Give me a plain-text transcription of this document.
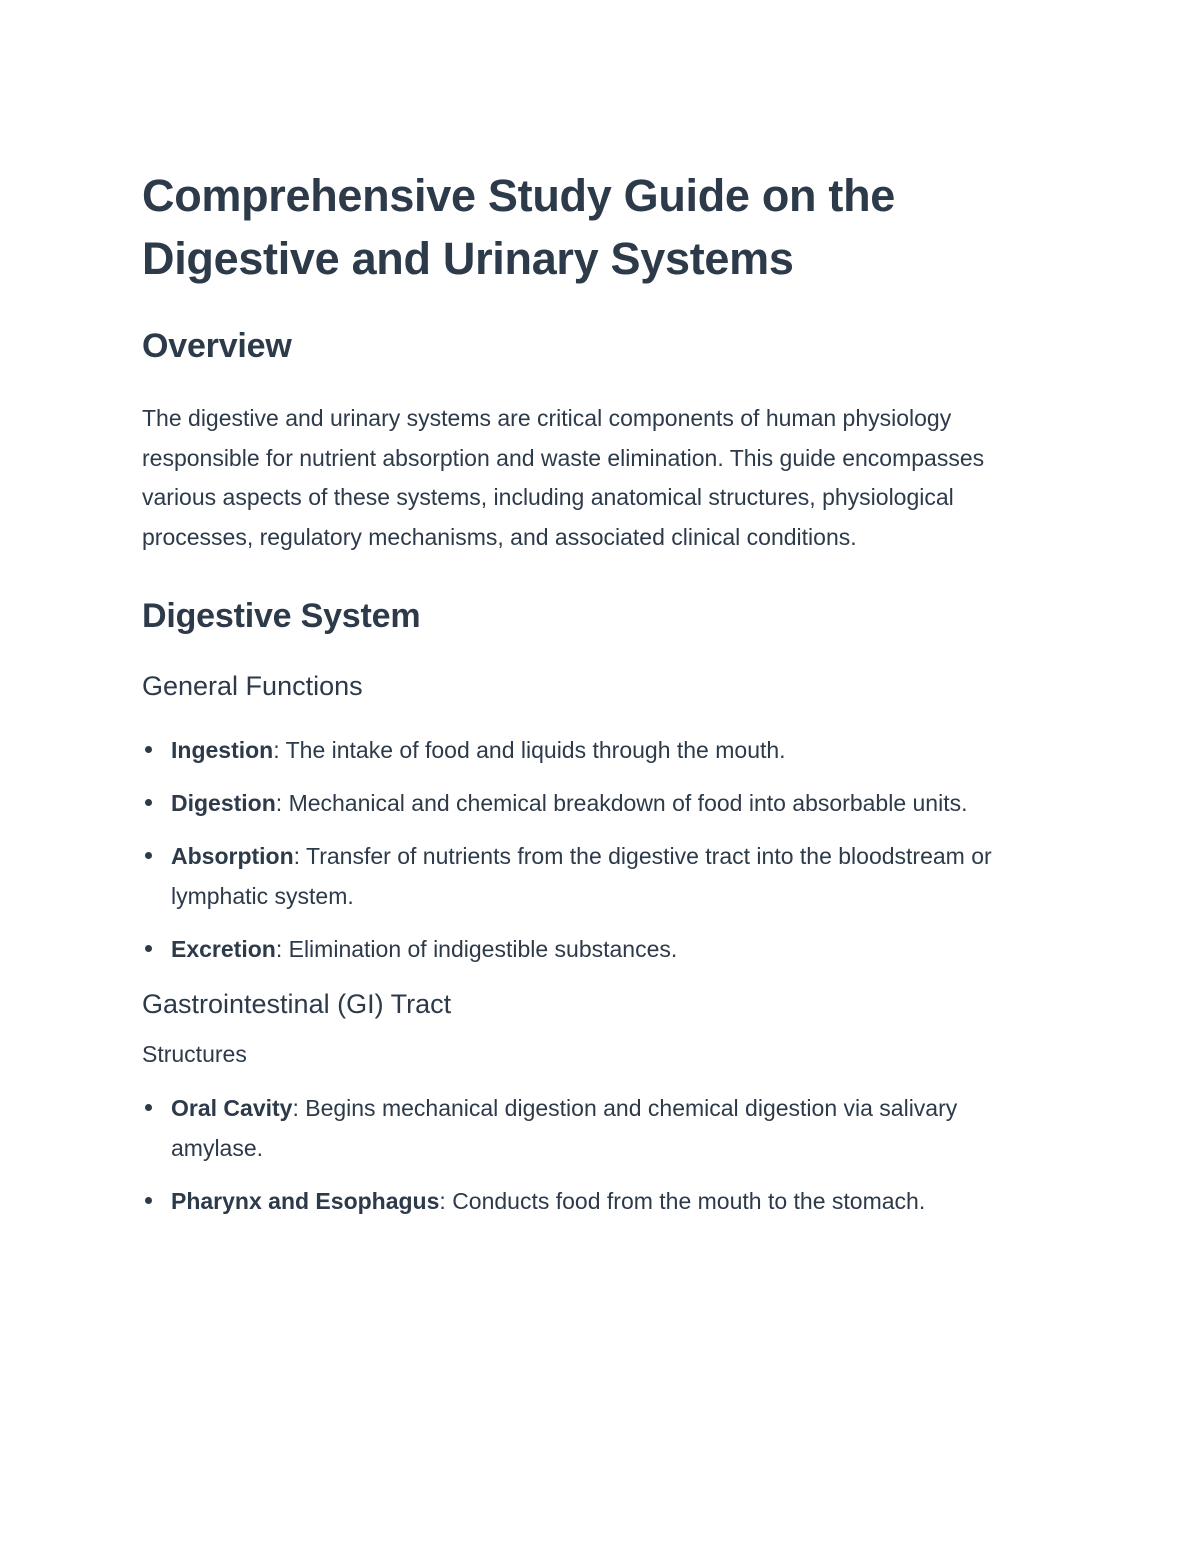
Comprehensive Study Guide on the
Digestive and Urinary Systems
Overview

The digestive and urinary systems are critical components of human physiology responsible for nutrient absorption and waste elimination. This guide encompasses various aspects of these systems, including anatomical structures, physiological processes, regulatory mechanisms, and associated clinical conditions.

Digestive System
General Functions
Ingestion: The intake of food and liquids through the mouth.
Digestion: Mechanical and chemical breakdown of food into absorbable units.
Absorption: Transfer of nutrients from the digestive tract into the bloodstream or lymphatic system.
Excretion: Elimination of indigestible substances.
Gastrointestinal (GI) Tract
Structures
Oral Cavity: Begins mechanical digestion and chemical digestion via salivary amylase.
Pharynx and Esophagus: Conducts food from the mouth to the stomach.
